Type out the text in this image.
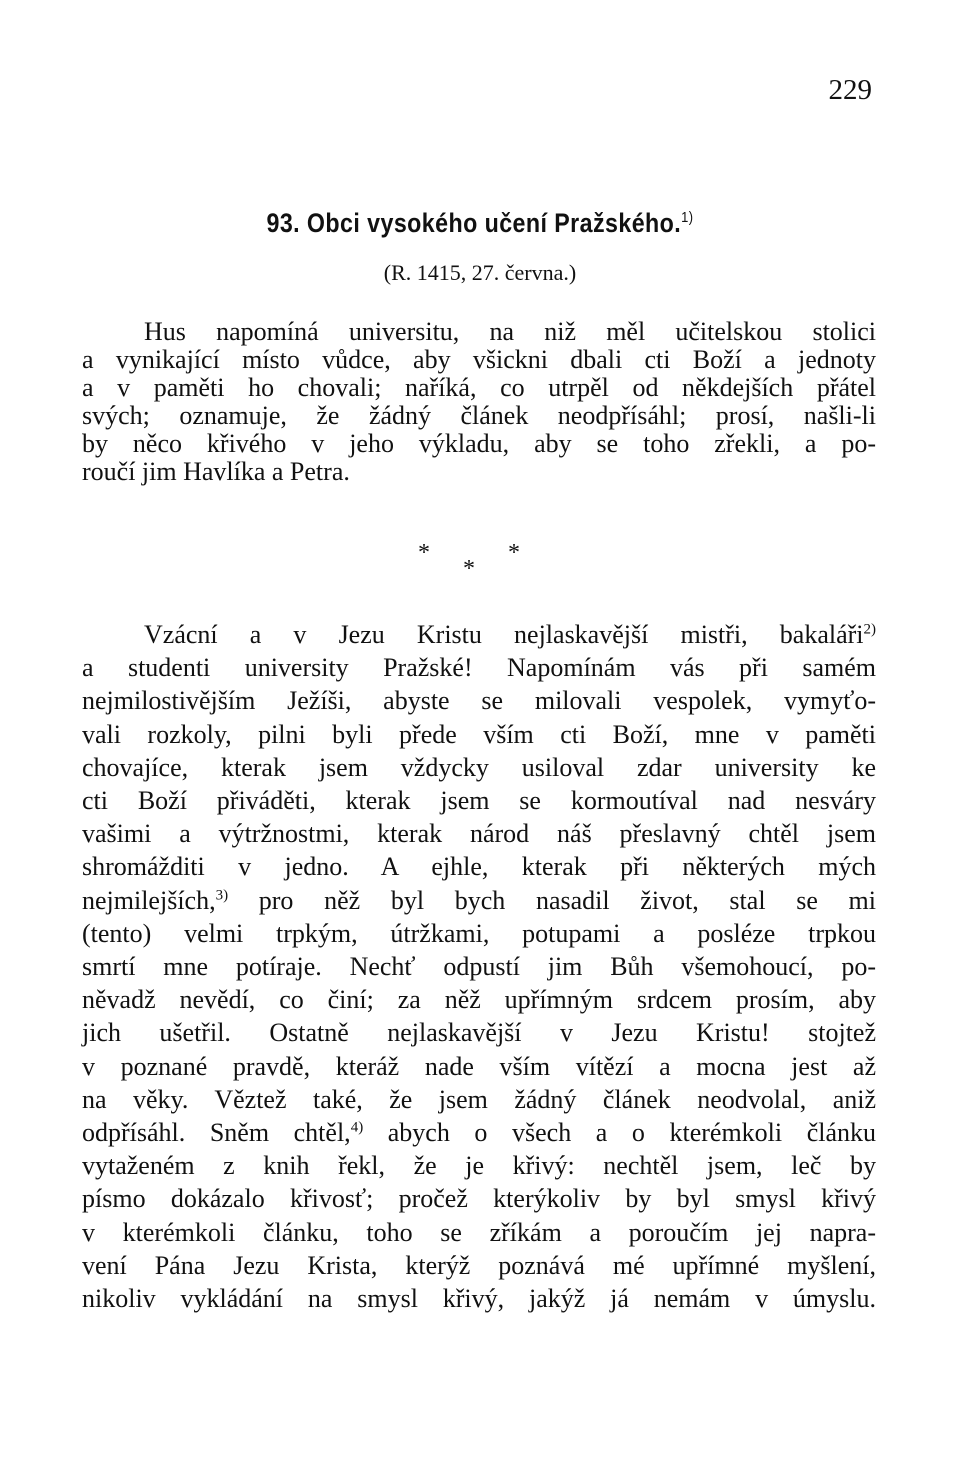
229
93. Obci vysokého učení Pražského.$^{1)}$
(R. 1415, 27. června.)
Hus napomíná universitu, na niž měl učitelskou stolici
a vynikající místo vůdce, aby všickni dbali cti Boží a jednoty
a v paměti ho chovali; naříká, co utrpěl od někdejších přátel
svých; oznamuje, že žádný článek neodpřísáhl; prosí, našli-li
by něco křivého v jeho výkladu, aby se toho zřekli, a po-
roučí jim Havlíka a Petra.
*	*
*
Vzácní a v Jezu Kristu nejlaskavější mistři, bakaláři$^{2)}$
a studenti university Pražské! Napomínám vás při samém
nejmilostivějším Ježíši, abyste se milovali vespolek, vymyťo-
vali rozkoly, pilni byli přede vším cti Boží, mne v paměti
chovajíce, kterak jsem vždycky usiloval zdar university ke
cti Boží přiváděti, kterak jsem se kormoutíval nad nesváry
vašimi a výtržnostmi, kterak národ náš přeslavný chtěl jsem
shromážditi v jedno. A ejhle, kterak při některých mých
nejmilejších,$^{3)}$ pro něž byl bych nasadil život, stal se mi
(tento) velmi trpkým, útržkami, potupami a posléze trpkou
smrtí mne potíraje. Nechť odpustí jim Bůh všemohoucí, po-
něvadž nevědí, co činí; za něž upřímným srdcem prosím, aby
jich ušetřil. Ostatně nejlaskavější v Jezu Kristu! stojtež
v poznané pravdě, kteráž nade vším vítězí a mocna jest až
na věky. Věztež také, že jsem žádný článek neodvolal, aniž
odpřísáhl. Sněm chtěl,$^{4)}$ abych o všech a o kterémkoli článku
vytaženém z knih řekl, že je křivý: nechtěl jsem, leč by
písmo dokázalo křivosť; pročež kterýkoliv by byl smysl křivý
v kterémkoli článku, toho se zříkám a poroučím jej napra-
vení Pána Jezu Krista, kterýž poznává mé upřímné myšlení,
nikoliv vykládání na smysl křivý, jakýž já nemám v úmyslu.
